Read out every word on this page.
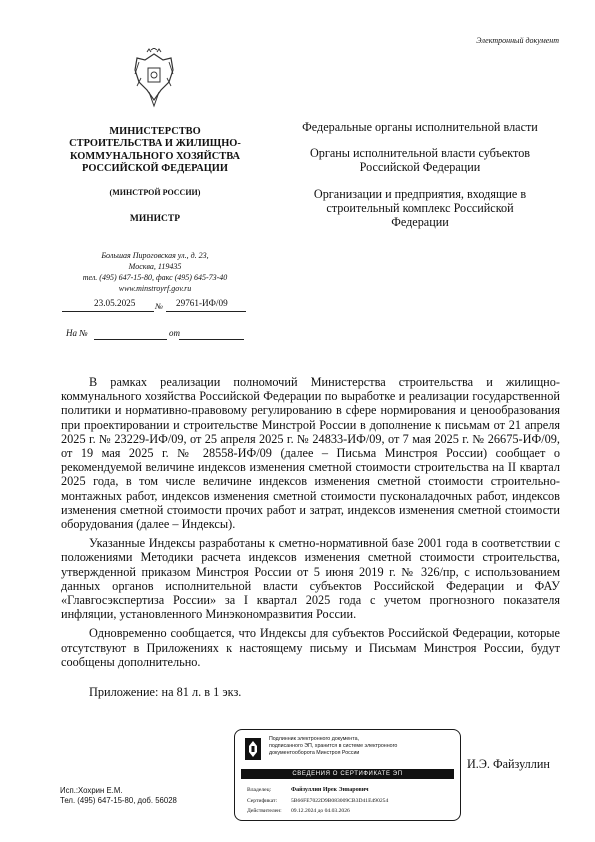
Электронный документ
МИНИСТЕРСТВО
СТРОИТЕЛЬСТВА И ЖИЛИЩНО-
КОММУНАЛЬНОГО ХОЗЯЙСТВА
РОССИЙСКОЙ ФЕДЕРАЦИИ
(МИНСТРОЙ РОССИИ)
МИНИСТР
Большая Пироговская ул., д. 23,
Москва, 119435
тел. (495) 647-15-80, факс (495) 645-73-40
www.minstroyrf.gov.ru
23.05.2025 № 29761-ИФ/09
На №	от

Федеральные органы исполнительной власти

Органы исполнительной власти субъектов Российской Федерации

Организации и предприятия, входящие в строительный комплекс Российской Федерации

В рамках реализации полномочий Министерства строительства и жилищно-коммунального хозяйства Российской Федерации по выработке и реализации государственной политики и нормативно-правовому регулированию в сфере нормирования и ценообразования при проектировании и строительстве Минстрой России в дополнение к письмам от 21 апреля 2025 г. № 23229-ИФ/09, от 25 апреля 2025 г. № 24833-ИФ/09, от 7 мая 2025 г. № 26675-ИФ/09, от 19 мая 2025 г. № 28558-ИФ/09 (далее – Письма Минстроя России) сообщает о рекомендуемой величине индексов изменения сметной стоимости строительства на II квартал 2025 года, в том числе величине индексов изменения сметной стоимости строительно-монтажных работ, индексов изменения сметной стоимости пусконаладочных работ, индексов изменения сметной стоимости прочих работ и затрат, индексов изменения сметной стоимости оборудования (далее – Индексы).

Указанные Индексы разработаны к сметно-нормативной базе 2001 года в соответствии с положениями Методики расчета индексов изменения сметной стоимости строительства, утвержденной приказом Минстроя России от 5 июня 2019 г. № 326/пр, с использованием данных органов исполнительной власти субъектов Российской Федерации и ФАУ «Главгосэкспертиза России» за I квартал 2025 года с учетом прогнозного показателя инфляции, установленного Минэкономразвития России.

Одновременно сообщается, что Индексы для субъектов Российской Федерации, которые отсутствуют в Приложениях к настоящему письму и Письмам Минстроя России, будут сообщены дополнительно.

Приложение: на 81 л. в 1 экз.

Подлинник электронного документа,
подписанного ЭП, хранится в системе электронного
документооборота Минстроя России
СВЕДЕНИЯ О СЕРТИФИКАТЕ ЭП
Владелец:	Файзуллин Ирек Энварович
Сертификат: 5B66FE7022D9B083009CB3D41E490254
Действителен: 09.12.2024 до 04.03.2026
И.Э. Файзуллин
Исп.:Хохрин Е.М.
Тел. (495) 647-15-80, доб. 56028
